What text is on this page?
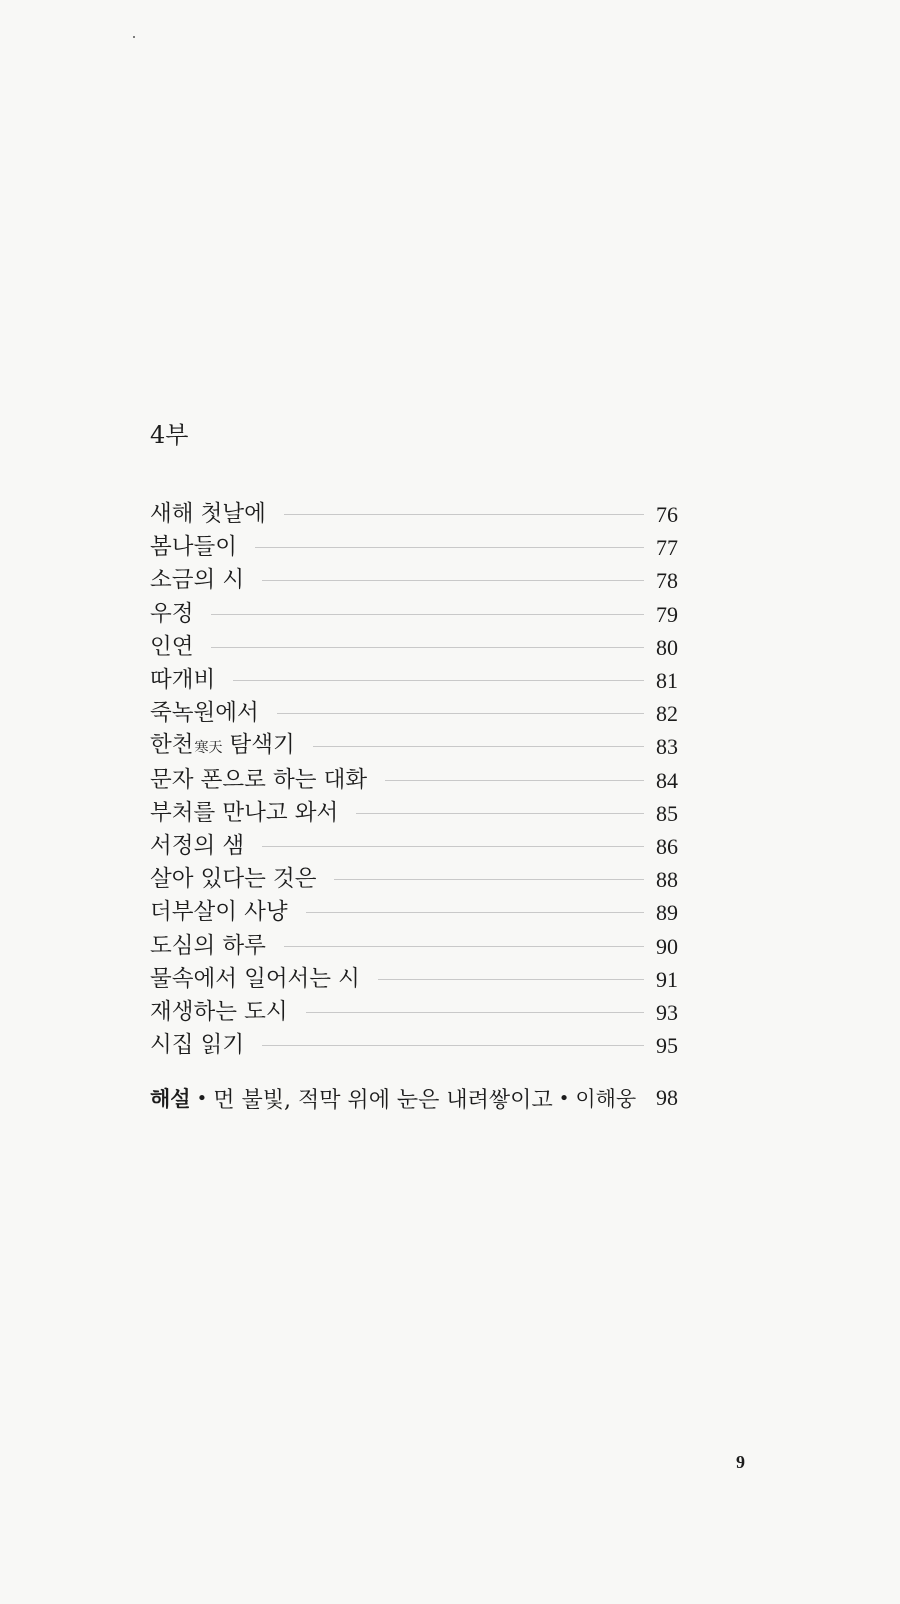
4부
새해 첫날에	76
봄나들이	77
소금의 시	78
우정	79
인연	80
따개비	81
죽녹원에서	82
한천寒天 탐색기	83
문자 폰으로 하는 대화	84
부처를 만나고 와서	85
서정의 샘	86
살아 있다는 것은	88
더부살이 사냥	89
도심의 하루	90
물속에서 일어서는 시	91
재생하는 도시	93
시집 읽기	95
해설 • 먼 불빛, 적막 위에 눈은 내려쌓이고 • 이해웅 98
9
